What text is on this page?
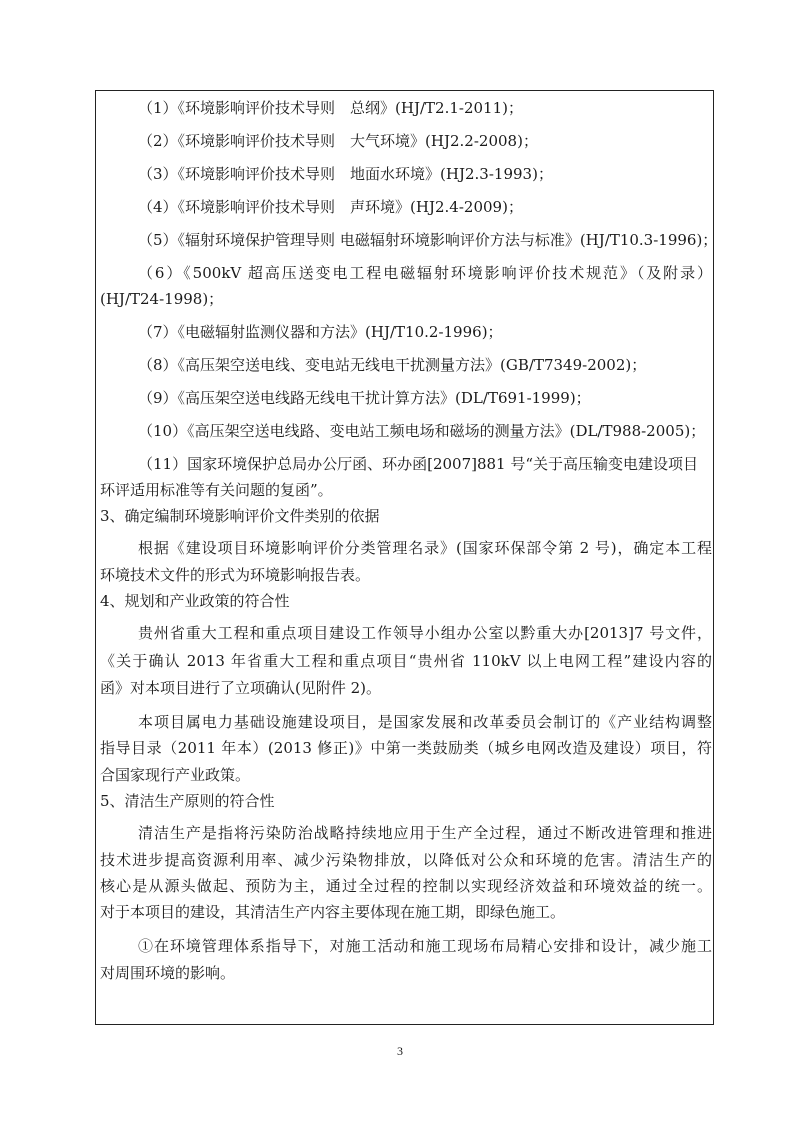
（1）《环境影响评价技术导则　总纲》(HJ/T2.1-2011)；
（2）《环境影响评价技术导则　大气环境》(HJ2.2-2008)；
（3）《环境影响评价技术导则　地面水环境》(HJ2.3-1993)；
（4）《环境影响评价技术导则　声环境》(HJ2.4-2009)；
（5）《辐射环境保护管理导则 电磁辐射环境影响评价方法与标准》(HJ/T10.3-1996)；
（6）《500kV 超高压送变电工程电磁辐射环境影响评价技术规范》（及附录）
(HJ/T24-1998)；
（7）《电磁辐射监测仪器和方法》(HJ/T10.2-1996)；
（8）《高压架空送电线、变电站无线电干扰测量方法》(GB/T7349-2002)；
（9）《高压架空送电线路无线电干扰计算方法》(DL/T691-1999)；
（10）《高压架空送电线路、变电站工频电场和磁场的测量方法》(DL/T988-2005)；
（11）国家环境保护总局办公厅函、环办函[2007]881 号“关于高压输变电建设项目
环评适用标准等有关问题的复函”。
3、确定编制环境影响评价文件类别的依据
根据《建设项目环境影响评价分类管理名录》(国家环保部令第 2 号)，确定本工程
环境技术文件的形式为环境影响报告表。
4、规划和产业政策的符合性
贵州省重大工程和重点项目建设工作领导小组办公室以黔重大办[2013]7 号文件，
《关于确认 2013 年省重大工程和重点项目“贵州省 110kV 以上电网工程”建设内容的
函》对本项目进行了立项确认(见附件 2)。
本项目属电力基础设施建设项目，是国家发展和改革委员会制订的《产业结构调整
指导目录（2011 年本）(2013 修正)》中第一类鼓励类（城乡电网改造及建设）项目，符
合国家现行产业政策。
5、清洁生产原则的符合性
清洁生产是指将污染防治战略持续地应用于生产全过程，通过不断改进管理和推进
技术进步提高资源利用率、减少污染物排放，以降低对公众和环境的危害。清洁生产的
核心是从源头做起、预防为主，通过全过程的控制以实现经济效益和环境效益的统一。
对于本项目的建设，其清洁生产内容主要体现在施工期，即绿色施工。
①在环境管理体系指导下，对施工活动和施工现场布局精心安排和设计，减少施工
对周围环境的影响。
3
